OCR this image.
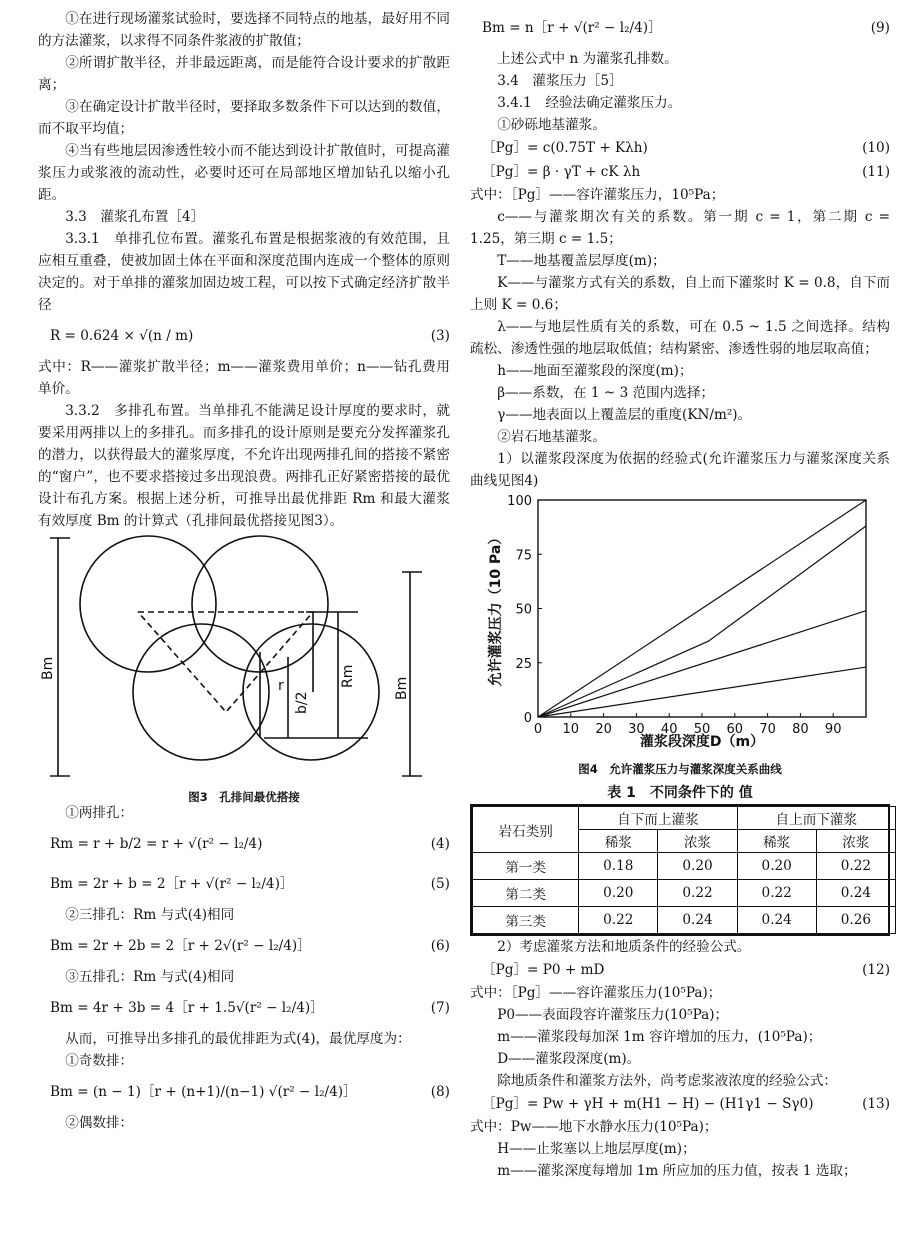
①在进行现场灌浆试验时，要选择不同特点的地基，最好用不同的方法灌浆，以求得不同条件浆液的扩散值；

②所谓扩散半径，并非最远距离，而是能符合设计要求的扩散距离；

③在确定设计扩散半径时，要择取多数条件下可以达到的数值，而不取平均值；

④当有些地层因渗透性较小而不能达到设计扩散值时，可提高灌浆压力或浆液的流动性，必要时还可在局部地区增加钻孔以缩小孔距。

3.3　灌浆孔布置［4］

3.3.1　单排孔位布置。灌浆孔布置是根据浆液的有效范围，且应相互重叠，使被加固土体在平面和深度范围内连成一个整体的原则决定的。对于单排的灌浆加固边坡工程，可以按下式确定经济扩散半径

R = 0.624 × √(n / m)	(3)

式中：R——灌浆扩散半径；m——灌浆费用单价；n——钻孔费用单价。

3.3.2　多排孔布置。当单排孔不能满足设计厚度的要求时，就要采用两排以上的多排孔。而多排孔的设计原则是要充分发挥灌浆孔的潜力，以获得最大的灌浆厚度，不允许出现两排孔间的搭接不紧密的“窗户”，也不要求搭接过多出现浪费。两排孔正好紧密搭接的最优设计布孔方案。根据上述分析，可推导出最优排距 Rm 和最大灌浆有效厚度 Bm 的计算式（孔排间最优搭接见图3）。

Bm
r
b/2
Rm
Bm
图3　孔排间最优搭接

①两排孔：

Rm = r + b/2 = r + √(r² − l₂/4)	(4)
Bm = 2r + b = 2［r + √(r² − l₂/4)］	(5)

②三排孔：Rm 与式(4)相同

Bm = 2r + 2b = 2［r + 2√(r² − l₂/4)］	(6)

③五排孔：Rm 与式(4)相同

Bm = 4r + 3b = 4［r + 1.5√(r² − l₂/4)］	(7)

从而，可推导出多排孔的最优排距为式(4)，最优厚度为：

①奇数排：

Bm = (n − 1)［r + (n+1)/(n−1) √(r² − l₂/4)］	(8)

②偶数排：

Bm = n［r + √(r² − l₂/4)］	(9)

上述公式中 n 为灌浆孔排数。

3.4　灌浆压力［5］

3.4.1　经验法确定灌浆压力。

①砂砾地基灌浆。

［Pg］= c(0.75T + Kλh)	(10)
［Pg］= β · γT + cK λh	(11)

式中：［Pg］——容许灌浆压力，10⁵Pa；

c——与灌浆期次有关的系数。第一期 c = 1，第二期 c = 1.25，第三期 c = 1.5；

T——地基覆盖层厚度(m)；

K——与灌浆方式有关的系数，自上而下灌浆时 K = 0.8，自下而上则 K = 0.6；

λ——与地层性质有关的系数，可在 0.5 ~ 1.5 之间选择。结构疏松、渗透性强的地层取低值；结构紧密、渗透性弱的地层取高值；

h——地面至灌浆段的深度(m)；

β——系数，在 1 ~ 3 范围内选择；

γ——地表面以上覆盖层的重度(KN/m²)。

②岩石地基灌浆。

1）以灌浆段深度为依据的经验式(允许灌浆压力与灌浆深度关系曲线见图4)

0 10 20 30 40 50 60 70 80 90
0
25
50
75
100
灌浆段深度D（m）
允许灌浆压力（10 Pa）
图4　允许灌浆压力与灌浆深度关系曲线
表 1　不同条件下的 值
岩石类别	自下而上灌浆		自上而下灌浆	
	稀浆	浓浆	稀浆	浓浆
第一类	0.18	0.20	0.20	0.22
第二类	0.20	0.22	0.22	0.24
第三类	0.22	0.24	0.24	0.26

2）考虑灌浆方法和地质条件的经验公式。

［Pg］= P0 + mD	(12)

式中：［Pg］——容许灌浆压力(10⁵Pa)；

P0——表面段容许灌浆压力(10⁵Pa)；

m——灌浆段每加深 1m 容许增加的压力，(10⁵Pa)；

D——灌浆段深度(m)。

除地质条件和灌浆方法外，尚考虑浆液浓度的经验公式：

［Pg］= Pw + γH + m(H1 − H) − (H1γ1 − Sγ0)	(13)

式中：Pw——地下水静水压力(10⁵Pa)；

H——止浆塞以上地层厚度(m)；

m——灌浆深度每增加 1m 所应加的压力值，按表 1 选取；
